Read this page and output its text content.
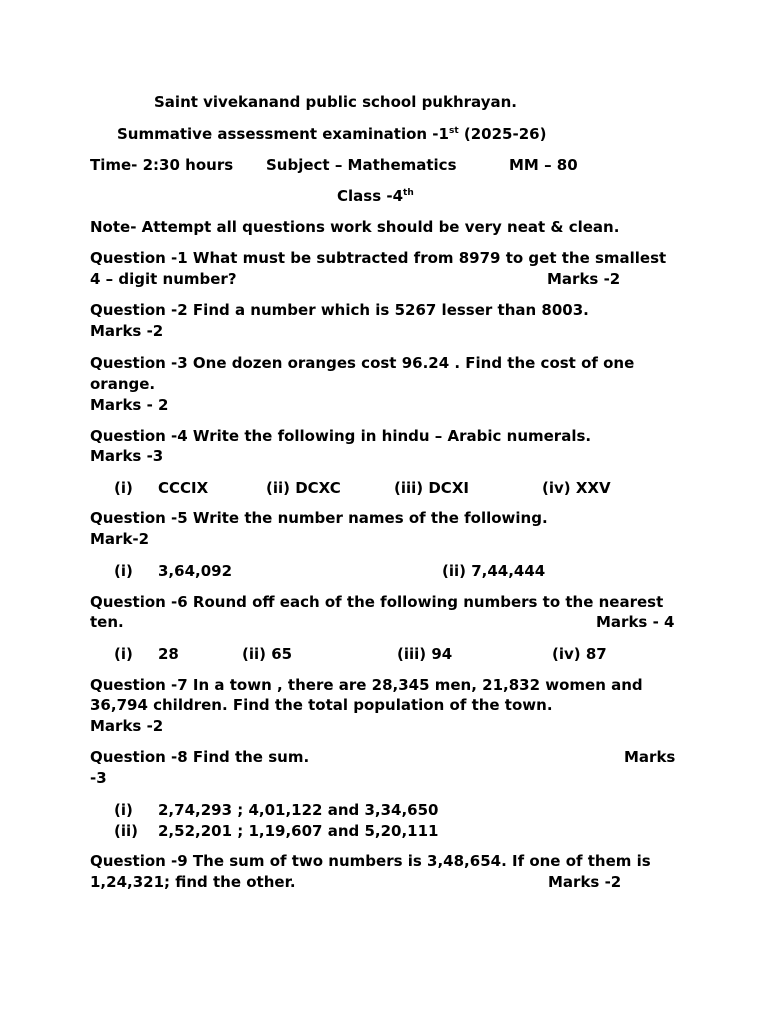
Saint vivekanand public school pukhrayan.
Summative assessment examination -1st (2025-26)
Time- 2:30 hours Subject – Mathematics	MM – 80
Class -4th
Note- Attempt all questions work should be very neat & clean.
Question -1 What must be subtracted from 8979 to get the smallest
4 – digit number?	Marks -2
Question -2 Find a number which is 5267 lesser than 8003.
Marks -2
Question -3 One dozen oranges cost 96.24 . Find the cost of one
orange.
Marks - 2
Question -4 Write the following in hindu – Arabic numerals.
Marks -3
(i) CCCIX	(ii) DCXC	(iii) DCXI	(iv) XXV
Question -5 Write the number names of the following.
Mark-2
(i) 3,64,092	(ii) 7,44,444
Question -6 Round off each of the following numbers to the nearest
ten.	Marks - 4
(i) 28	(ii) 65	(iii) 94	(iv) 87
Question -7 In a town , there are 28,345 men, 21,832 women and
36,794 children. Find the total population of the town.
Marks -2
Question -8 Find the sum.	Marks
-3
(i) 2,74,293 ; 4,01,122 and 3,34,650
(ii) 2,52,201 ; 1,19,607 and 5,20,111
Question -9 The sum of two numbers is 3,48,654. If one of them is
1,24,321; find the other.	Marks -2
